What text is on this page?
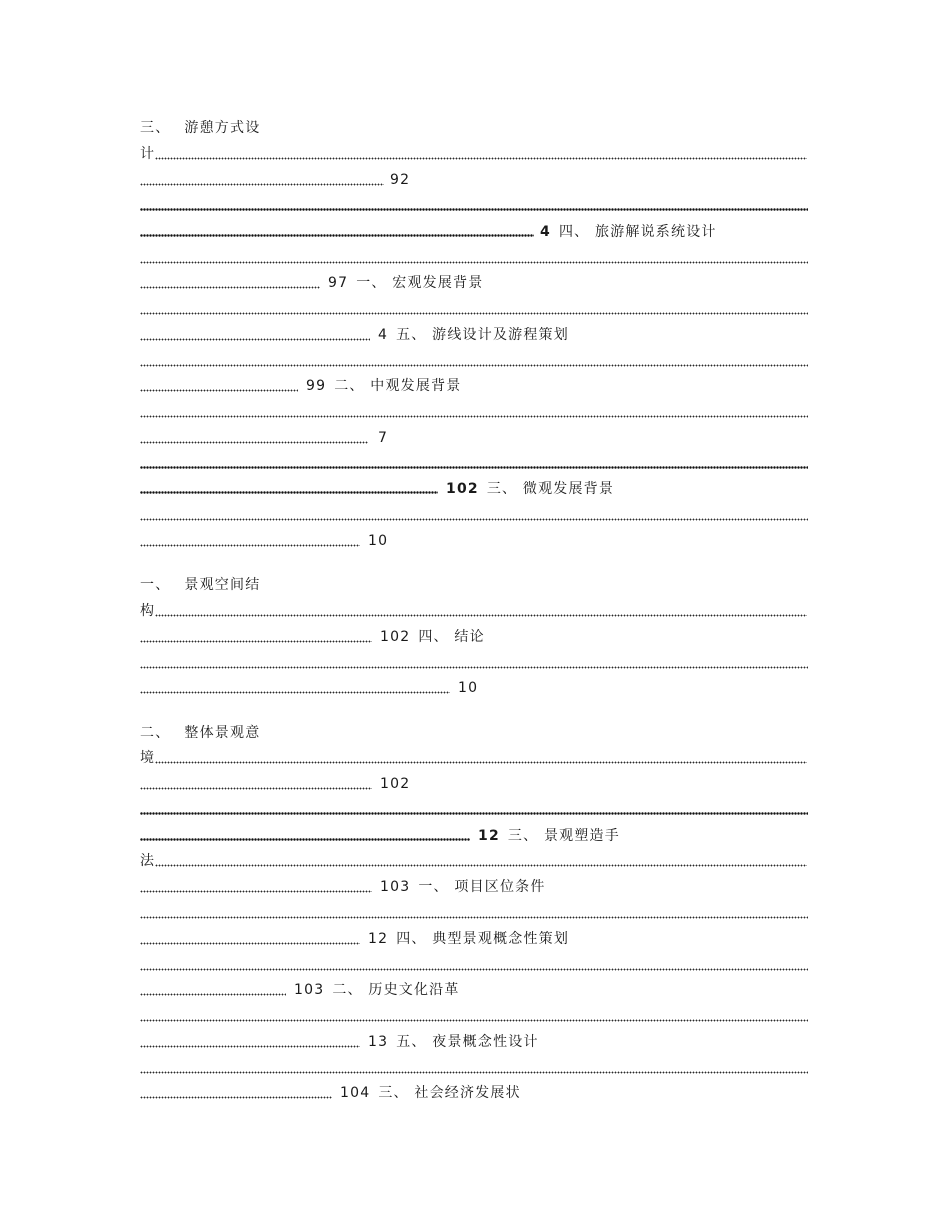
三、 游憩方式设
计
92
4 四、 旅游解说系统设计
97 一、 宏观发展背景
4 五、 游线设计及游程策划
99 二、 中观发展背景
7
102 三、 微观发展背景
10
一、 景观空间结
构
102 四、 结论
10
二、 整体景观意
境
102
12 三、 景观塑造手
法
103 一、 项目区位条件
12 四、 典型景观概念性策划
103 二、 历史文化沿革
13 五、 夜景概念性设计
104 三、 社会经济发展状
